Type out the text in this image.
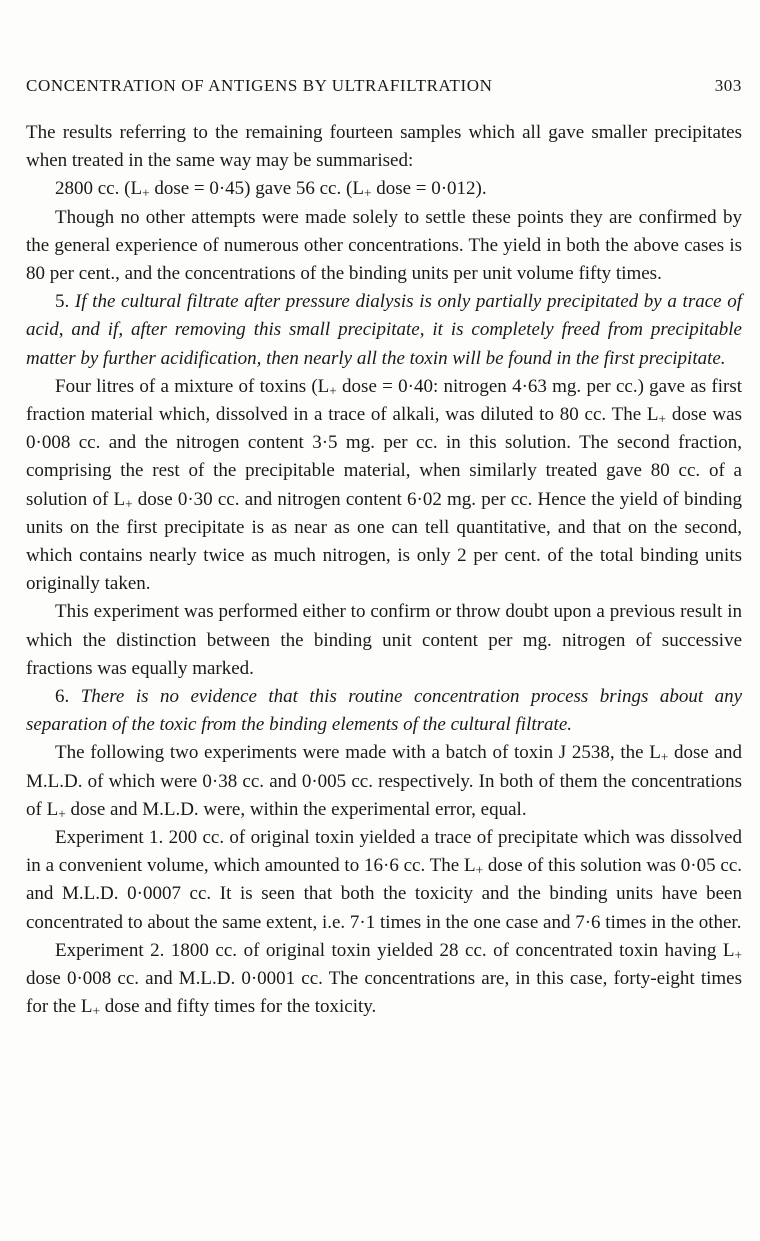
CONCENTRATION OF ANTIGENS BY ULTRAFILTRATION	303

The results referring to the remaining fourteen samples which all gave smaller precipitates when treated in the same way may be summarised:

2800 cc. (L+ dose = 0·45) gave 56 cc. (L+ dose = 0·012).

Though no other attempts were made solely to settle these points they are confirmed by the general experience of numerous other concentrations. The yield in both the above cases is 80 per cent., and the concentrations of the binding units per unit volume fifty times.

5. If the cultural filtrate after pressure dialysis is only partially precipitated by a trace of acid, and if, after removing this small precipitate, it is completely freed from precipitable matter by further acidification, then nearly all the toxin will be found in the first precipitate.

Four litres of a mixture of toxins (L+ dose = 0·40: nitrogen 4·63 mg. per cc.) gave as first fraction material which, dissolved in a trace of alkali, was diluted to 80 cc. The L+ dose was 0·008 cc. and the nitrogen content 3·5 mg. per cc. in this solution. The second fraction, comprising the rest of the precipitable material, when similarly treated gave 80 cc. of a solution of L+ dose 0·30 cc. and nitrogen content 6·02 mg. per cc. Hence the yield of binding units on the first precipitate is as near as one can tell quantitative, and that on the second, which contains nearly twice as much nitrogen, is only 2 per cent. of the total binding units originally taken.

This experiment was performed either to confirm or throw doubt upon a previous result in which the distinction between the binding unit content per mg. nitrogen of successive fractions was equally marked.

6. There is no evidence that this routine concentration process brings about any separation of the toxic from the binding elements of the cultural filtrate.

The following two experiments were made with a batch of toxin J 2538, the L+ dose and M.L.D. of which were 0·38 cc. and 0·005 cc. respectively. In both of them the concentrations of L+ dose and M.L.D. were, within the experimental error, equal.

Experiment 1. 200 cc. of original toxin yielded a trace of precipitate which was dissolved in a convenient volume, which amounted to 16·6 cc. The L+ dose of this solution was 0·05 cc. and M.L.D. 0·0007 cc. It is seen that both the toxicity and the binding units have been concentrated to about the same extent, i.e. 7·1 times in the one case and 7·6 times in the other.

Experiment 2. 1800 cc. of original toxin yielded 28 cc. of concentrated toxin having L+ dose 0·008 cc. and M.L.D. 0·0001 cc. The concentrations are, in this case, forty-eight times for the L+ dose and fifty times for the toxicity.
